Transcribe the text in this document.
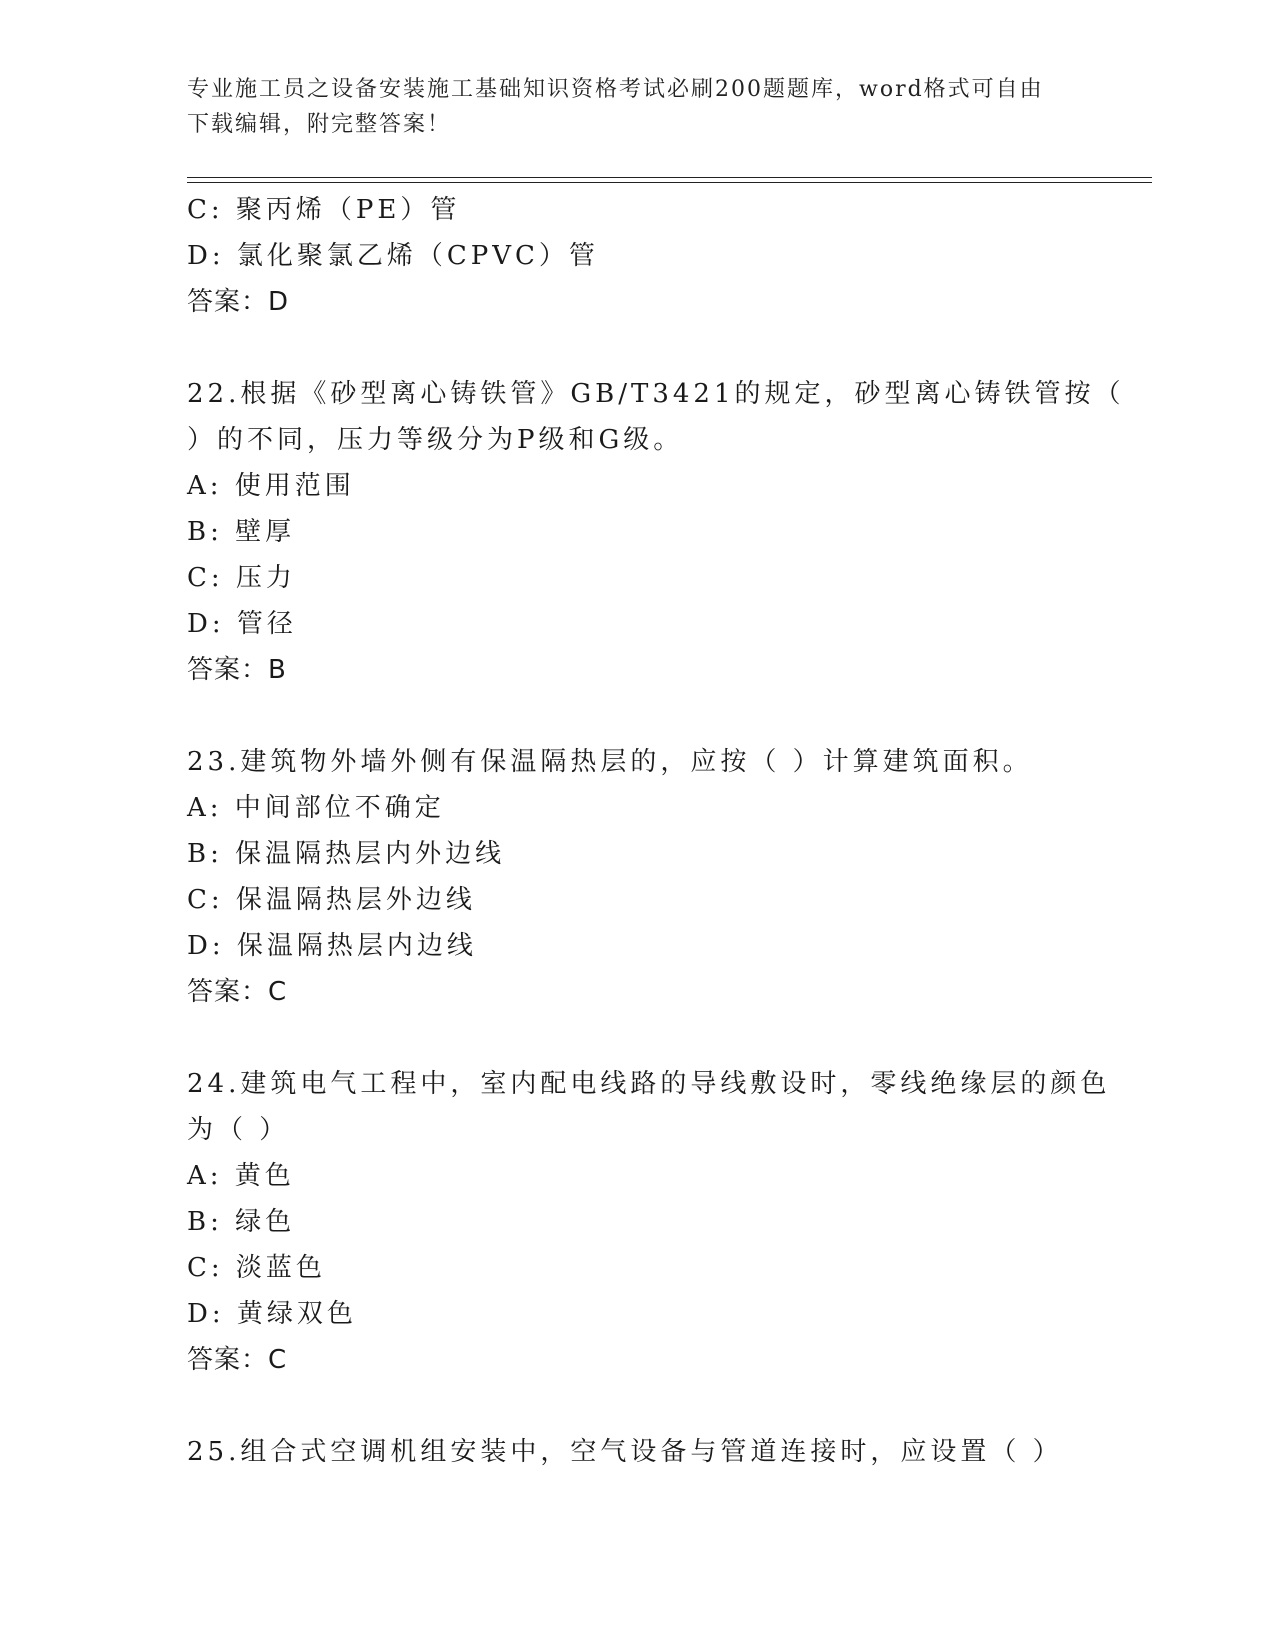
专业施工员之设备安装施工基础知识资格考试必刷200题题库，word格式可自由
下载编辑，附完整答案！
C: 聚丙烯（PE）管
D: 氯化聚氯乙烯（CPVC）管
答案：D
22.根据《砂型离心铸铁管》GB/T3421的规定，砂型离心铸铁管按（
）的不同，压力等级分为P级和G级。
A: 使用范围
B: 壁厚
C: 压力
D: 管径
答案：B
23.建筑物外墙外侧有保温隔热层的，应按（ ）计算建筑面积。
A: 中间部位不确定
B: 保温隔热层内外边线
C: 保温隔热层外边线
D: 保温隔热层内边线
答案：C
24.建筑电气工程中，室内配电线路的导线敷设时，零线绝缘层的颜色
为（ ）
A: 黄色
B: 绿色
C: 淡蓝色
D: 黄绿双色
答案：C
25.组合式空调机组安装中，空气设备与管道连接时，应设置（ ）
